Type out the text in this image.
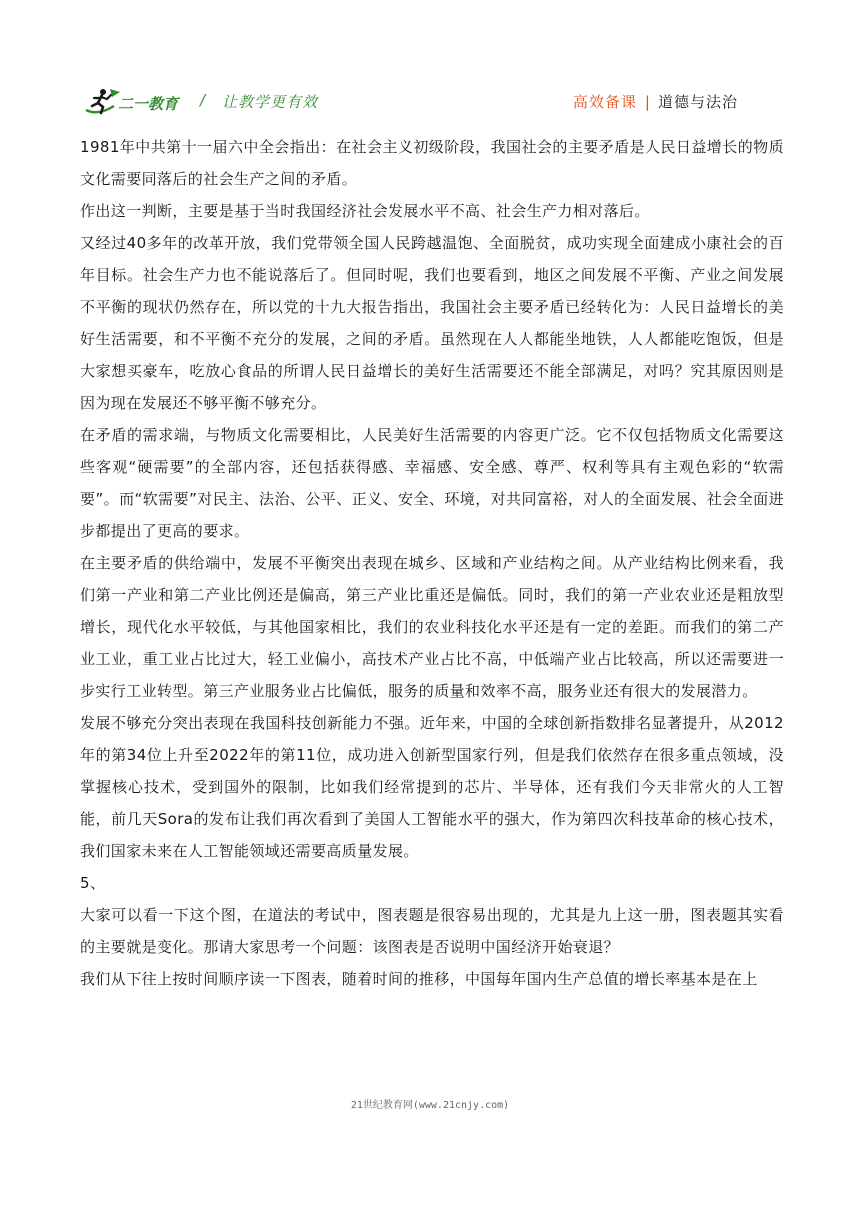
二一教育 / 让教学更有效	高效备课 | 道德与法治

1981年中共第十一届六中全会指出：在社会主义初级阶段，我国社会的主要矛盾是人民日益增长的物质文化需要同落后的社会生产之间的矛盾。

作出这一判断，主要是基于当时我国经济社会发展水平不高、社会生产力相对落后。

又经过40多年的改革开放，我们党带领全国人民跨越温饱、全面脱贫，成功实现全面建成小康社会的百年目标。社会生产力也不能说落后了。但同时呢，我们也要看到，地区之间发展不平衡、产业之间发展不平衡的现状仍然存在，所以党的十九大报告指出，我国社会主要矛盾已经转化为：人民日益增长的美好生活需要，和不平衡不充分的发展，之间的矛盾。虽然现在人人都能坐地铁，人人都能吃饱饭，但是大家想买豪车，吃放心食品的所谓人民日益增长的美好生活需要还不能全部满足，对吗？究其原因则是因为现在发展还不够平衡不够充分。

在矛盾的需求端，与物质文化需要相比，人民美好生活需要的内容更广泛。它不仅包括物质文化需要这些客观“硬需要”的全部内容，还包括获得感、幸福感、安全感、尊严、权利等具有主观色彩的“软需要”。而“软需要”对民主、法治、公平、正义、安全、环境，对共同富裕，对人的全面发展、社会全面进步都提出了更高的要求。

在主要矛盾的供给端中，发展不平衡突出表现在城乡、区域和产业结构之间。从产业结构比例来看，我们第一产业和第二产业比例还是偏高，第三产业比重还是偏低。同时，我们的第一产业农业还是粗放型增长，现代化水平较低，与其他国家相比，我们的农业科技化水平还是有一定的差距。而我们的第二产业工业，重工业占比过大，轻工业偏小，高技术产业占比不高，中低端产业占比较高，所以还需要进一步实行工业转型。第三产业服务业占比偏低，服务的质量和效率不高，服务业还有很大的发展潜力。

发展不够充分突出表现在我国科技创新能力不强。近年来，中国的全球创新指数排名显著提升，从2012年的第34位上升至2022年的第11位，成功进入创新型国家行列，但是我们依然存在很多重点领域，没掌握核心技术，受到国外的限制，比如我们经常提到的芯片、半导体，还有我们今天非常火的人工智能，前几天Sora的发布让我们再次看到了美国人工智能水平的强大，作为第四次科技革命的核心技术，我们国家未来在人工智能领域还需要高质量发展。

5、

大家可以看一下这个图，在道法的考试中，图表题是很容易出现的，尤其是九上这一册，图表题其实看的主要就是变化。那请大家思考一个问题：该图表是否说明中国经济开始衰退？

我们从下往上按时间顺序读一下图表，随着时间的推移，中国每年国内生产总值的增长率基本是在上

21世纪教育网(www.21cnjy.com)
